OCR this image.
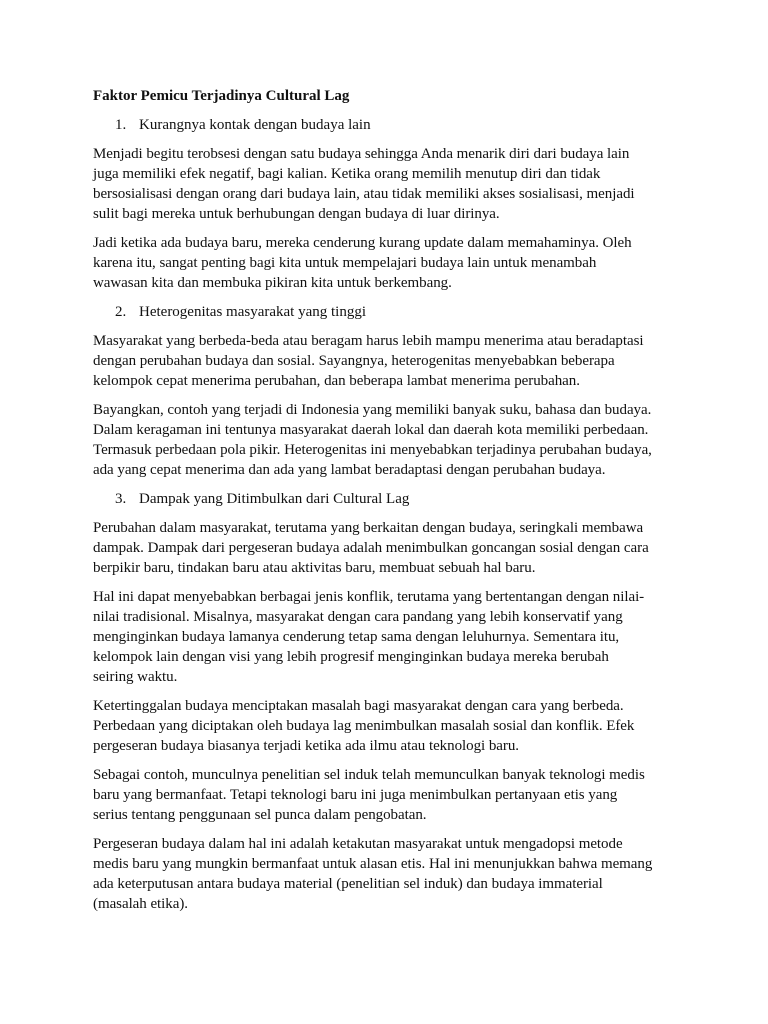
Faktor Pemicu Terjadinya Cultural Lag
1. Kurangnya kontak dengan budaya lain
Menjadi begitu terobsesi dengan satu budaya sehingga Anda menarik diri dari budaya lain
juga memiliki efek negatif, bagi kalian. Ketika orang memilih menutup diri dan tidak
bersosialisasi dengan orang dari budaya lain, atau tidak memiliki akses sosialisasi, menjadi
sulit bagi mereka untuk berhubungan dengan budaya di luar dirinya.
Jadi ketika ada budaya baru, mereka cenderung kurang update dalam memahaminya. Oleh
karena itu, sangat penting bagi kita untuk mempelajari budaya lain untuk menambah
wawasan kita dan membuka pikiran kita untuk berkembang.
2. Heterogenitas masyarakat yang tinggi
Masyarakat yang berbeda-beda atau beragam harus lebih mampu menerima atau beradaptasi
dengan perubahan budaya dan sosial. Sayangnya, heterogenitas menyebabkan beberapa
kelompok cepat menerima perubahan, dan beberapa lambat menerima perubahan.
Bayangkan, contoh yang terjadi di Indonesia yang memiliki banyak suku, bahasa dan budaya.
Dalam keragaman ini tentunya masyarakat daerah lokal dan daerah kota memiliki perbedaan.
Termasuk perbedaan pola pikir. Heterogenitas ini menyebabkan terjadinya perubahan budaya,
ada yang cepat menerima dan ada yang lambat beradaptasi dengan perubahan budaya.
3. Dampak yang Ditimbulkan dari Cultural Lag
Perubahan dalam masyarakat, terutama yang berkaitan dengan budaya, seringkali membawa
dampak. Dampak dari pergeseran budaya adalah menimbulkan goncangan sosial dengan cara
berpikir baru, tindakan baru atau aktivitas baru, membuat sebuah hal baru.
Hal ini dapat menyebabkan berbagai jenis konflik, terutama yang bertentangan dengan nilai-
nilai tradisional. Misalnya, masyarakat dengan cara pandang yang lebih konservatif yang
menginginkan budaya lamanya cenderung tetap sama dengan leluhurnya. Sementara itu,
kelompok lain dengan visi yang lebih progresif menginginkan budaya mereka berubah
seiring waktu.
Ketertinggalan budaya menciptakan masalah bagi masyarakat dengan cara yang berbeda.
Perbedaan yang diciptakan oleh budaya lag menimbulkan masalah sosial dan konflik. Efek
pergeseran budaya biasanya terjadi ketika ada ilmu atau teknologi baru.
Sebagai contoh, munculnya penelitian sel induk telah memunculkan banyak teknologi medis
baru yang bermanfaat. Tetapi teknologi baru ini juga menimbulkan pertanyaan etis yang
serius tentang penggunaan sel punca dalam pengobatan.
Pergeseran budaya dalam hal ini adalah ketakutan masyarakat untuk mengadopsi metode
medis baru yang mungkin bermanfaat untuk alasan etis. Hal ini menunjukkan bahwa memang
ada keterputusan antara budaya material (penelitian sel induk) dan budaya immaterial
(masalah etika).
